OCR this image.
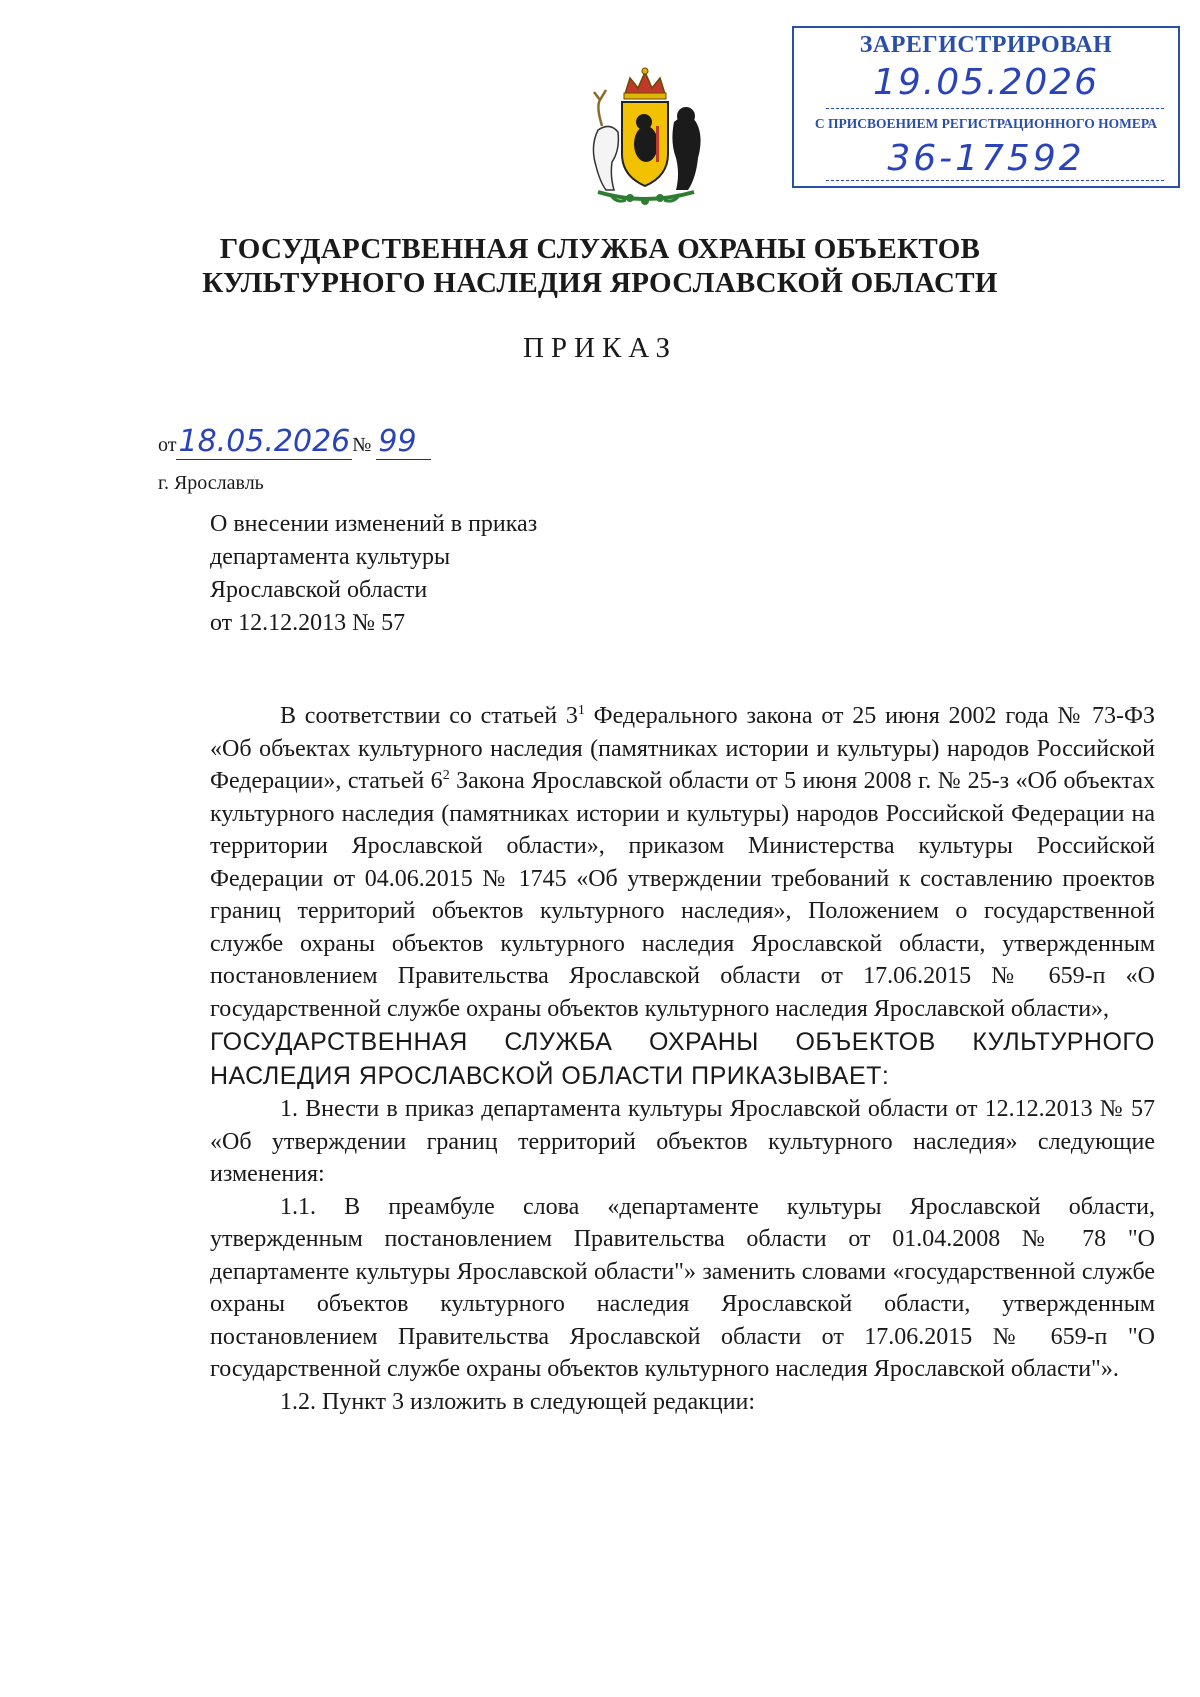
ЗАРЕГИСТРИРОВАН
19.05.2026
С ПРИСВОЕНИЕМ РЕГИСТРАЦИОННОГО НОМЕРА
36-17592
ГОСУДАРСТВЕННАЯ СЛУЖБА ОХРАНЫ ОБЪЕКТОВ
КУЛЬТУРНОГО НАСЛЕДИЯ ЯРОСЛАВСКОЙ ОБЛАСТИ
ПРИКАЗ
от18.05.2026 № 99
г. Ярославль
О внесении изменений в приказ
департамента культуры
Ярославской области
от 12.12.2013 № 57

В соответствии со статьей $3^1$ Федерального закона от 25 июня 2002 года № 73-ФЗ «Об объектах культурного наследия (памятниках истории и культуры) народов Российской Федерации», статьей $6^2$ Закона Ярославской области от 5 июня 2008 г. № 25-з «Об объектах культурного наследия (памятниках истории и культуры) народов Российской Федерации на территории Ярославской области», приказом Министерства культуры Российской Федерации от 04.06.2015 № 1745 «Об утверждении требований к составлению проектов границ территорий объектов культурного наследия», Положением о государственной службе охраны объектов культурного наследия Ярославской области, утвержденным постановлением Правительства Ярославской области от 17.06.2015 № 659-п «О государственной службе охраны объектов культурного наследия Ярославской области»,

ГОСУДАРСТВЕННАЯ СЛУЖБА ОХРАНЫ ОБЪЕКТОВ КУЛЬТУРНОГО НАСЛЕДИЯ ЯРОСЛАВСКОЙ ОБЛАСТИ ПРИКАЗЫВАЕТ:

1. Внести в приказ департамента культуры Ярославской области от 12.12.2013 № 57 «Об утверждении границ территорий объектов культурного наследия» следующие изменения:

1.1. В преамбуле слова «департаменте культуры Ярославской области, утвержденным постановлением Правительства области от 01.04.2008 № 78 "О департаменте культуры Ярославской области"» заменить словами «государственной службе охраны объектов культурного наследия Ярославской области, утвержденным постановлением Правительства Ярославской области от 17.06.2015 № 659-п "О государственной службе охраны объектов культурного наследия Ярославской области"».

1.2. Пункт 3 изложить в следующей редакции:
